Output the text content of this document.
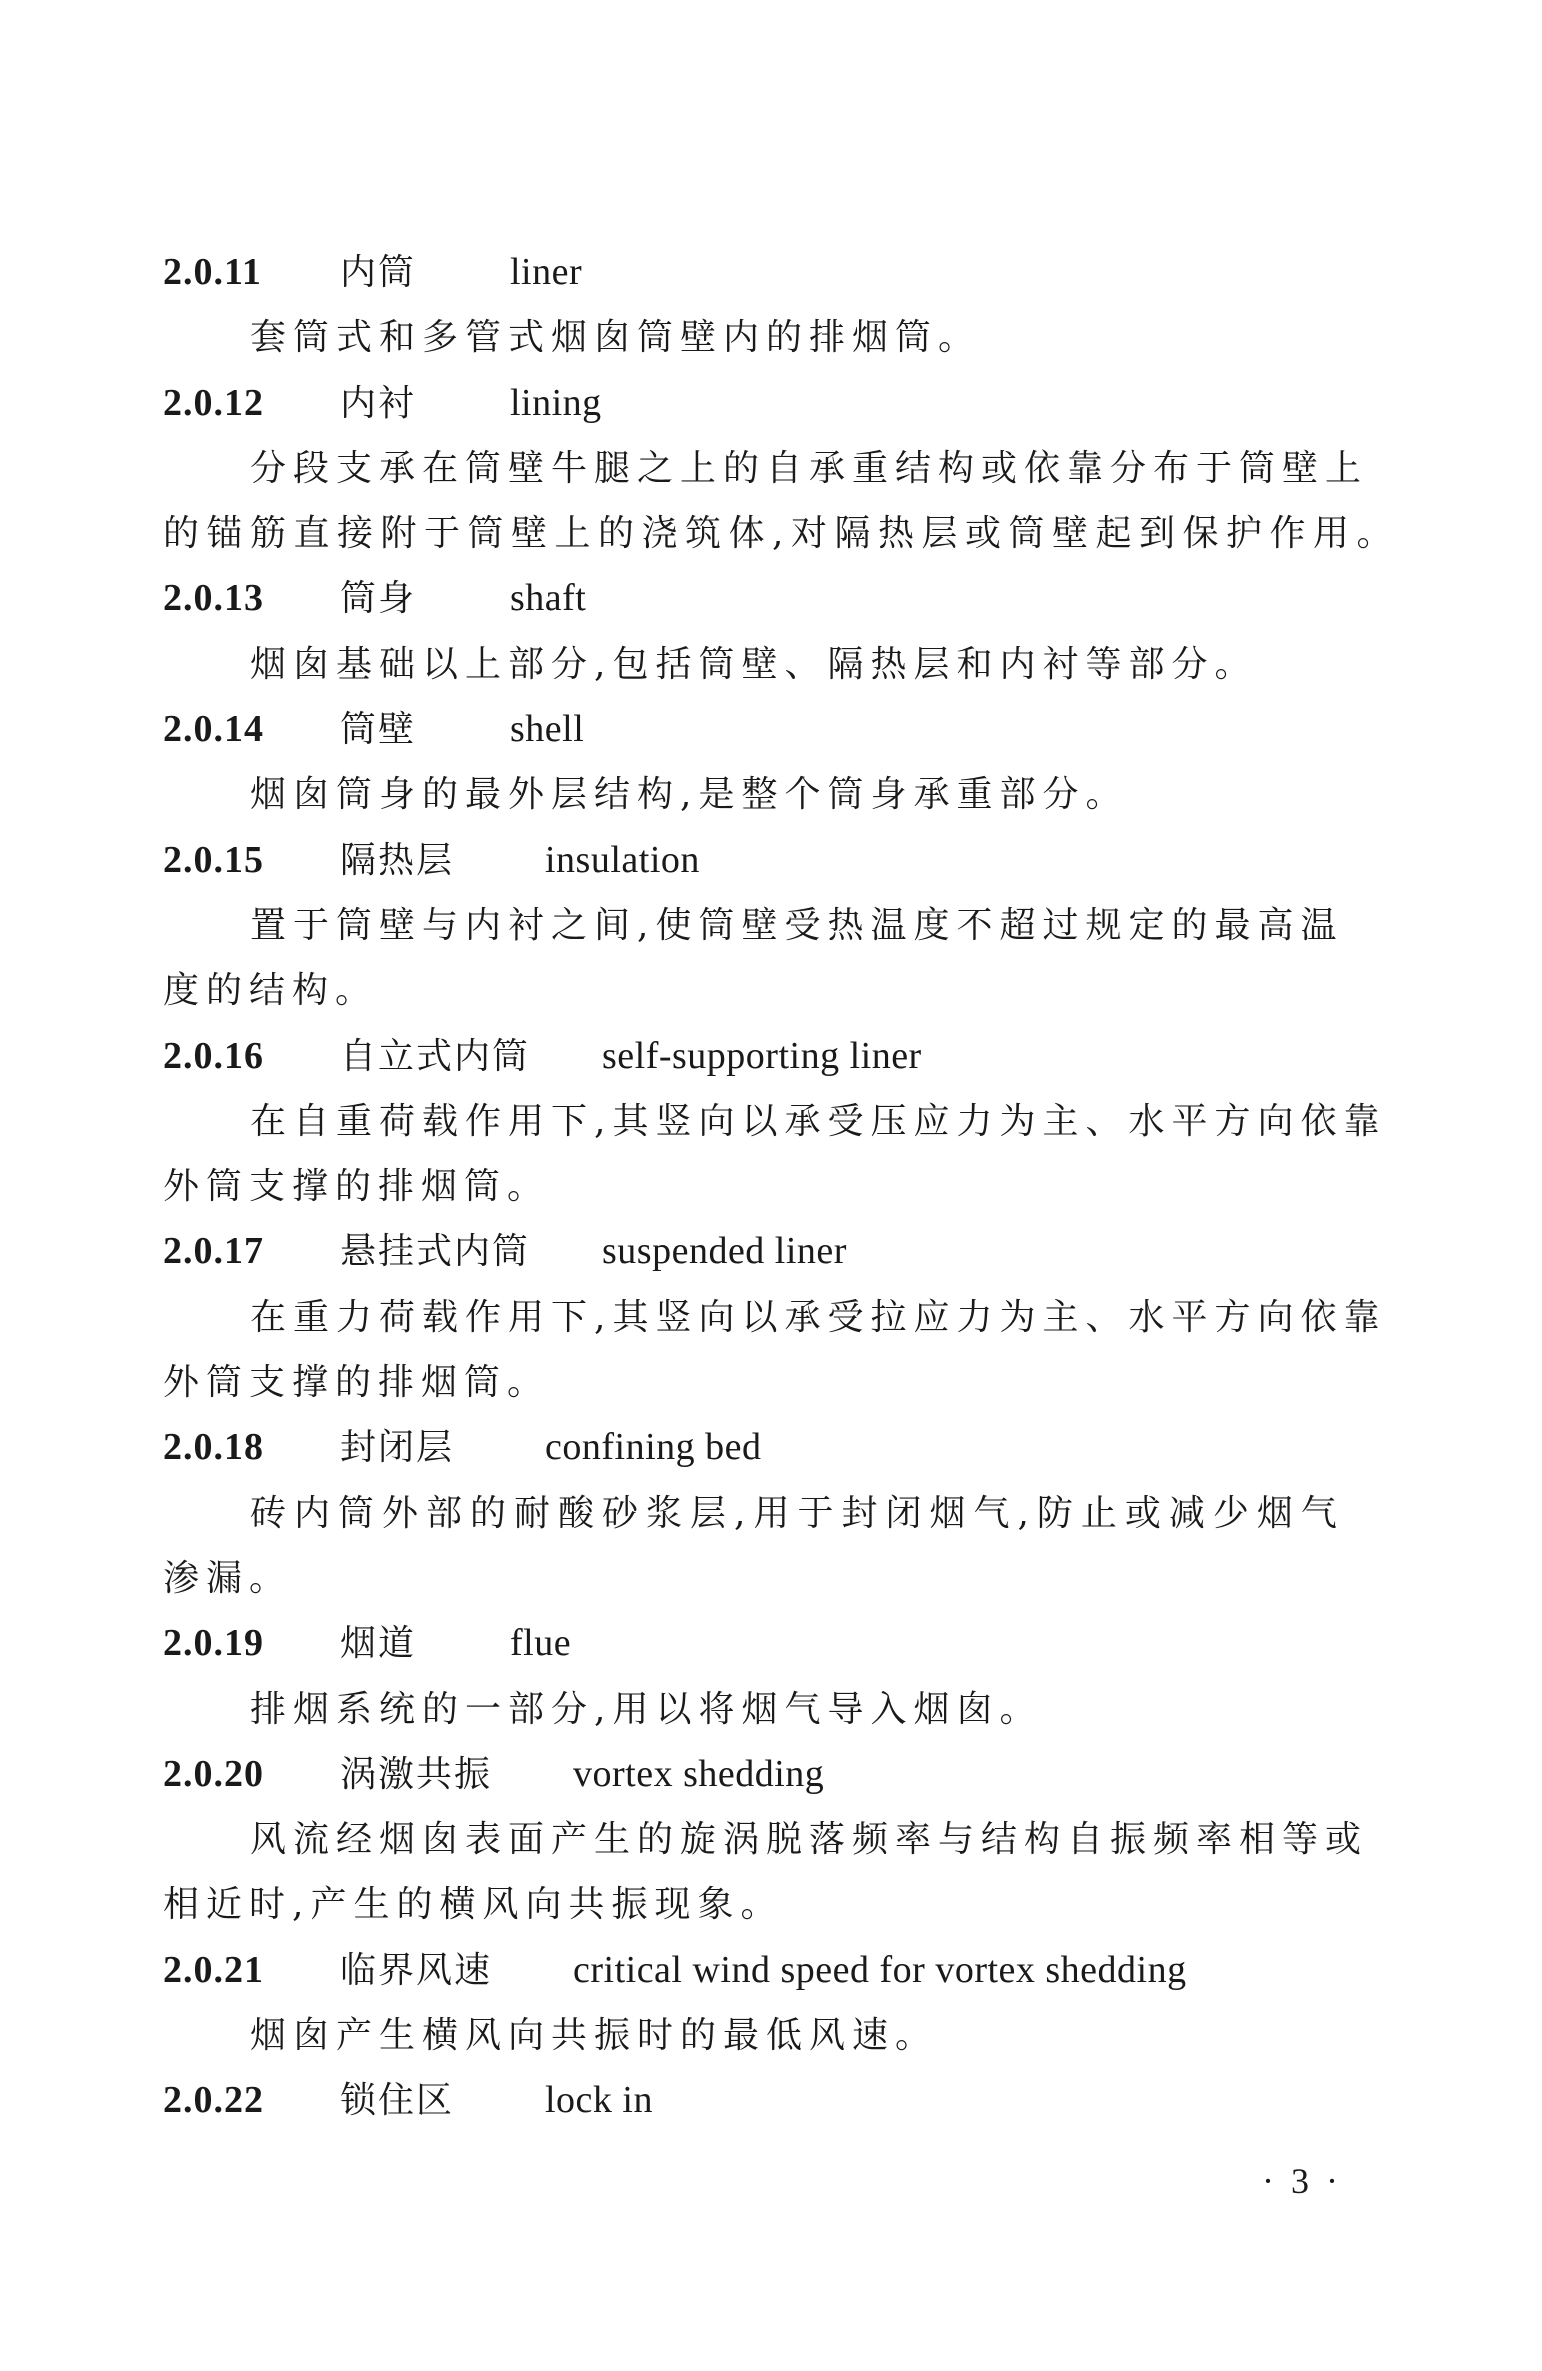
2.0.11	内筒	liner
套筒式和多管式烟囱筒壁内的排烟筒。
2.0.12	内衬	lining
分段支承在筒壁牛腿之上的自承重结构或依靠分布于筒壁上
的锚筋直接附于筒壁上的浇筑体,对隔热层或筒壁起到保护作用。
2.0.13	筒身	shaft
烟囱基础以上部分,包括筒壁、隔热层和内衬等部分。
2.0.14	筒壁	shell
烟囱筒身的最外层结构,是整个筒身承重部分。
2.0.15	隔热层	insulation
置于筒壁与内衬之间,使筒壁受热温度不超过规定的最高温
度的结构。
2.0.16	自立式内筒	self-supporting liner
在自重荷载作用下,其竖向以承受压应力为主、水平方向依靠
外筒支撑的排烟筒。
2.0.17	悬挂式内筒	suspended liner
在重力荷载作用下,其竖向以承受拉应力为主、水平方向依靠
外筒支撑的排烟筒。
2.0.18	封闭层	confining bed
砖内筒外部的耐酸砂浆层,用于封闭烟气,防止或减少烟气
渗漏。
2.0.19	烟道	flue
排烟系统的一部分,用以将烟气导入烟囱。
2.0.20	涡激共振	vortex shedding
风流经烟囱表面产生的旋涡脱落频率与结构自振频率相等或
相近时,产生的横风向共振现象。
2.0.21	临界风速	critical wind speed for vortex shedding
烟囱产生横风向共振时的最低风速。
2.0.22	锁住区	lock in
· 3 ·
